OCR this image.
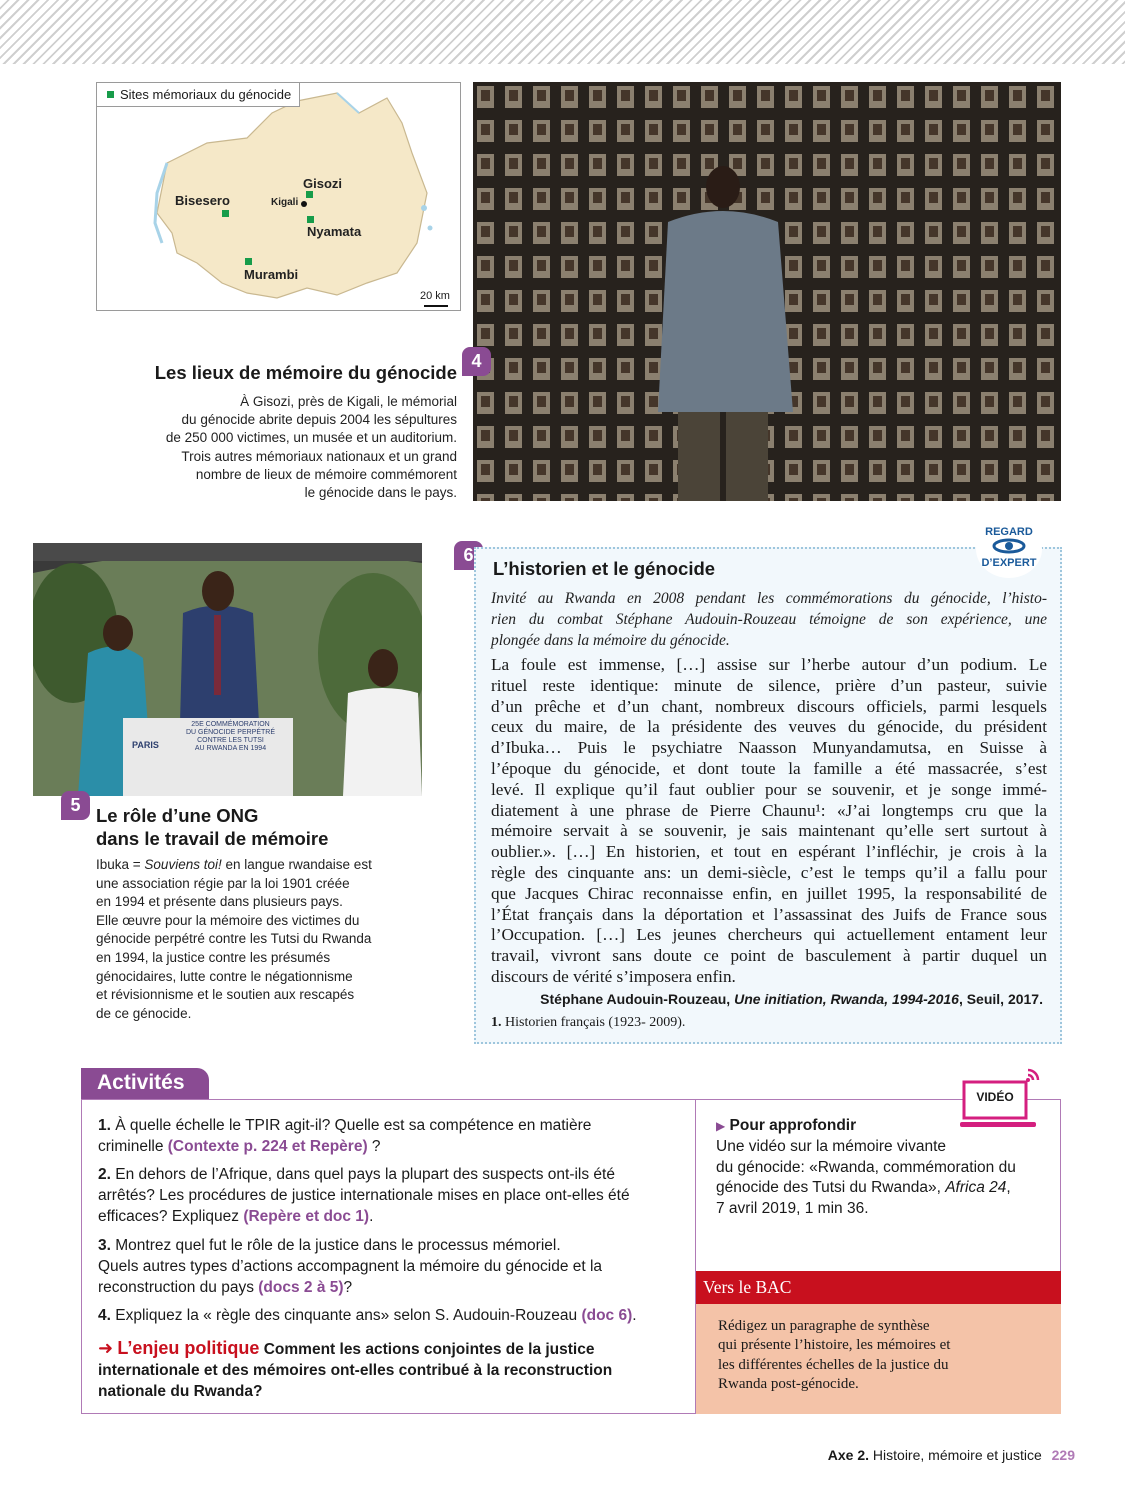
Sites mémoriaux du génocide
Gisozi
Bisesero	Kigali
Nyamata
Murambi
20 km
4
Les lieux de mémoire du génocide
À Gisozi, près de Kigali, le mémorial
du génocide abrite depuis 2004 les sépultures
de 250 000 victimes, un musée et un auditorium.
Trois autres mémoriaux nationaux et un grand
nombre de lieux de mémoire commémorent
le génocide dans le pays.
25E COMMÉMORATION
DU GÉNOCIDE PERPÉTRÉ
CONTRE LES TUTSI
AU RWANDA EN 1994
PARIS
5 Le rôle d’une ONG
dans le travail de mémoire
Ibuka = Souviens toi! en langue rwandaise est
une association régie par la loi 1901 créée
en 1994 et présente dans plusieurs pays.
Elle œuvre pour la mémoire des victimes du
génocide perpétré contre les Tutsi du Rwanda
en 1994, la justice contre les présumés
génocidaires, lutte contre le négationnisme
et révisionnisme et le soutien aux rescapés
de ce génocide.
6
L’historien et le génocide
Invité au Rwanda en 2008 pendant les commémorations du génocide, l’histo-
rien du combat Stéphane Audouin-Rouzeau témoigne de son expérience, une
plongée dans la mémoire du génocide.
La foule est immense, […] assise sur l’herbe autour d’un podium. Le
rituel reste identique: minute de silence, prière d’un pasteur, suivie
d’un prêche et d’un chant, nombreux discours officiels, parmi lesquels
ceux du maire, de la présidente des veuves du génocide, du président
d’Ibuka… Puis le psychiatre Naasson Munyandamutsa, en Suisse à
l’époque du génocide, et dont toute la famille a été massacrée, s’est
levé. Il explique qu’il faut oublier pour se souvenir, et je songe immé-
diatement à une phrase de Pierre Chaunu¹: «J’ai longtemps cru que la
mémoire servait à se souvenir, je sais maintenant qu’elle sert surtout à
oublier.». […] En historien, et tout en espérant l’infléchir, je crois à la
règle des cinquante ans: un demi-siècle, c’est le temps qu’il a fallu pour
que Jacques Chirac reconnaisse enfin, en juillet 1995, la responsabilité de
l’État français dans la déportation et l’assassinat des Juifs de France sous
l’Occupation. […] Les jeunes chercheurs qui actuellement entament leur
travail, vivront sans doute ce point de basculement à partir duquel un
discours de vérité s’imposera enfin.
Stéphane Audouin-Rouzeau, Une initiation, Rwanda, 1994-2016, Seuil, 2017.
1. Historien français (1923- 2009).
REGARD
D’EXPERT
Activités
1. À quelle échelle le TPIR agit-il? Quelle est sa compétence en matière
criminelle (Contexte p. 224 et Repère) ?
2. En dehors de l’Afrique, dans quel pays la plupart des suspects ont-ils été
arrêtés? Les procédures de justice internationale mises en place ont-elles été
efficaces? Expliquez (Repère et doc 1).
3. Montrez quel fut le rôle de la justice dans le processus mémoriel.
Quels autres types d’actions accompagnent la mémoire du génocide et la
reconstruction du pays (docs 2 à 5)?
4. Expliquez la « règle des cinquante ans» selon S. Audouin-Rouzeau (doc 6).
➜ L’enjeu politique Comment les actions conjointes de la justice
internationale et des mémoires ont-elles contribué à la reconstruction
nationale du Rwanda?
▶ Pour approfondir
Une vidéo sur la mémoire vivante
du génocide: «Rwanda, commémoration du
génocide des Tutsi du Rwanda», Africa 24,
7 avril 2019, 1 min 36.
VIDÉO
Vers le BAC
Rédigez un paragraphe de synthèse
qui présente l’histoire, les mémoires et
les différentes échelles de la justice du
Rwanda post-génocide.
Axe 2. Histoire, mémoire et justice 229
